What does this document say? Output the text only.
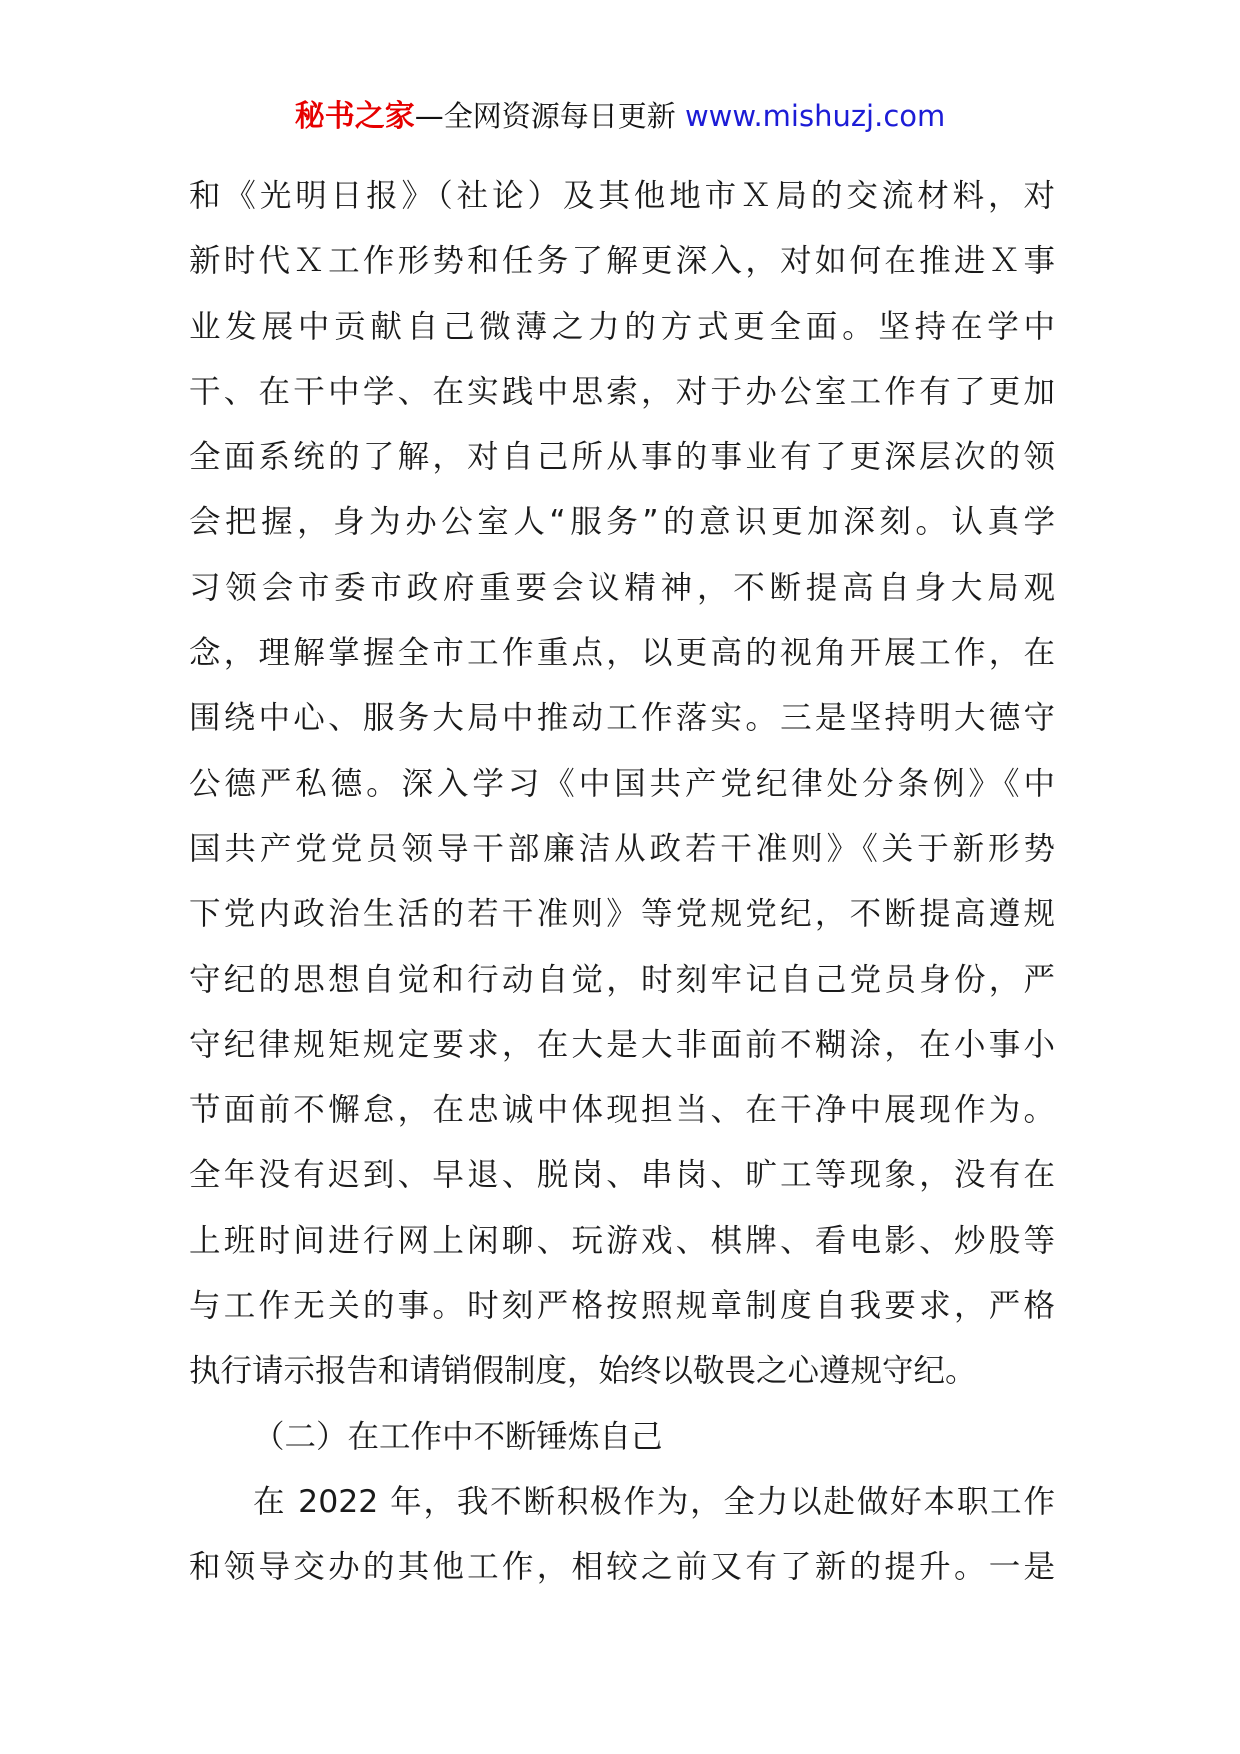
秘书之家—全网资源每日更新 www.mishuzj.com
和《光明日报》（社论）及其他地市Ｘ局的交流材料，对
新时代Ｘ工作形势和任务了解更深入，对如何在推进Ｘ事
业发展中贡献自己微薄之力的方式更全面。坚持在学中
干、在干中学、在实践中思索，对于办公室工作有了更加
全面系统的了解，对自己所从事的事业有了更深层次的领
会把握，身为办公室人“服务”的意识更加深刻。认真学
习领会市委市政府重要会议精神，不断提高自身大局观
念，理解掌握全市工作重点，以更高的视角开展工作，在
围绕中心、服务大局中推动工作落实。三是坚持明大德守
公德严私德。深入学习《中国共产党纪律处分条例》《中
国共产党党员领导干部廉洁从政若干准则》《关于新形势
下党内政治生活的若干准则》等党规党纪，不断提高遵规
守纪的思想自觉和行动自觉，时刻牢记自己党员身份，严
守纪律规矩规定要求，在大是大非面前不糊涂，在小事小
节面前不懈怠，在忠诚中体现担当、在干净中展现作为。
全年没有迟到、早退、脱岗、串岗、旷工等现象，没有在
上班时间进行网上闲聊、玩游戏、棋牌、看电影、炒股等
与工作无关的事。时刻严格按照规章制度自我要求，严格
执行请示报告和请销假制度，始终以敬畏之心遵规守纪。
（二）在工作中不断锤炼自己
在 2022 年，我不断积极作为，全力以赴做好本职工作
和领导交办的其他工作，相较之前又有了新的提升。一是
